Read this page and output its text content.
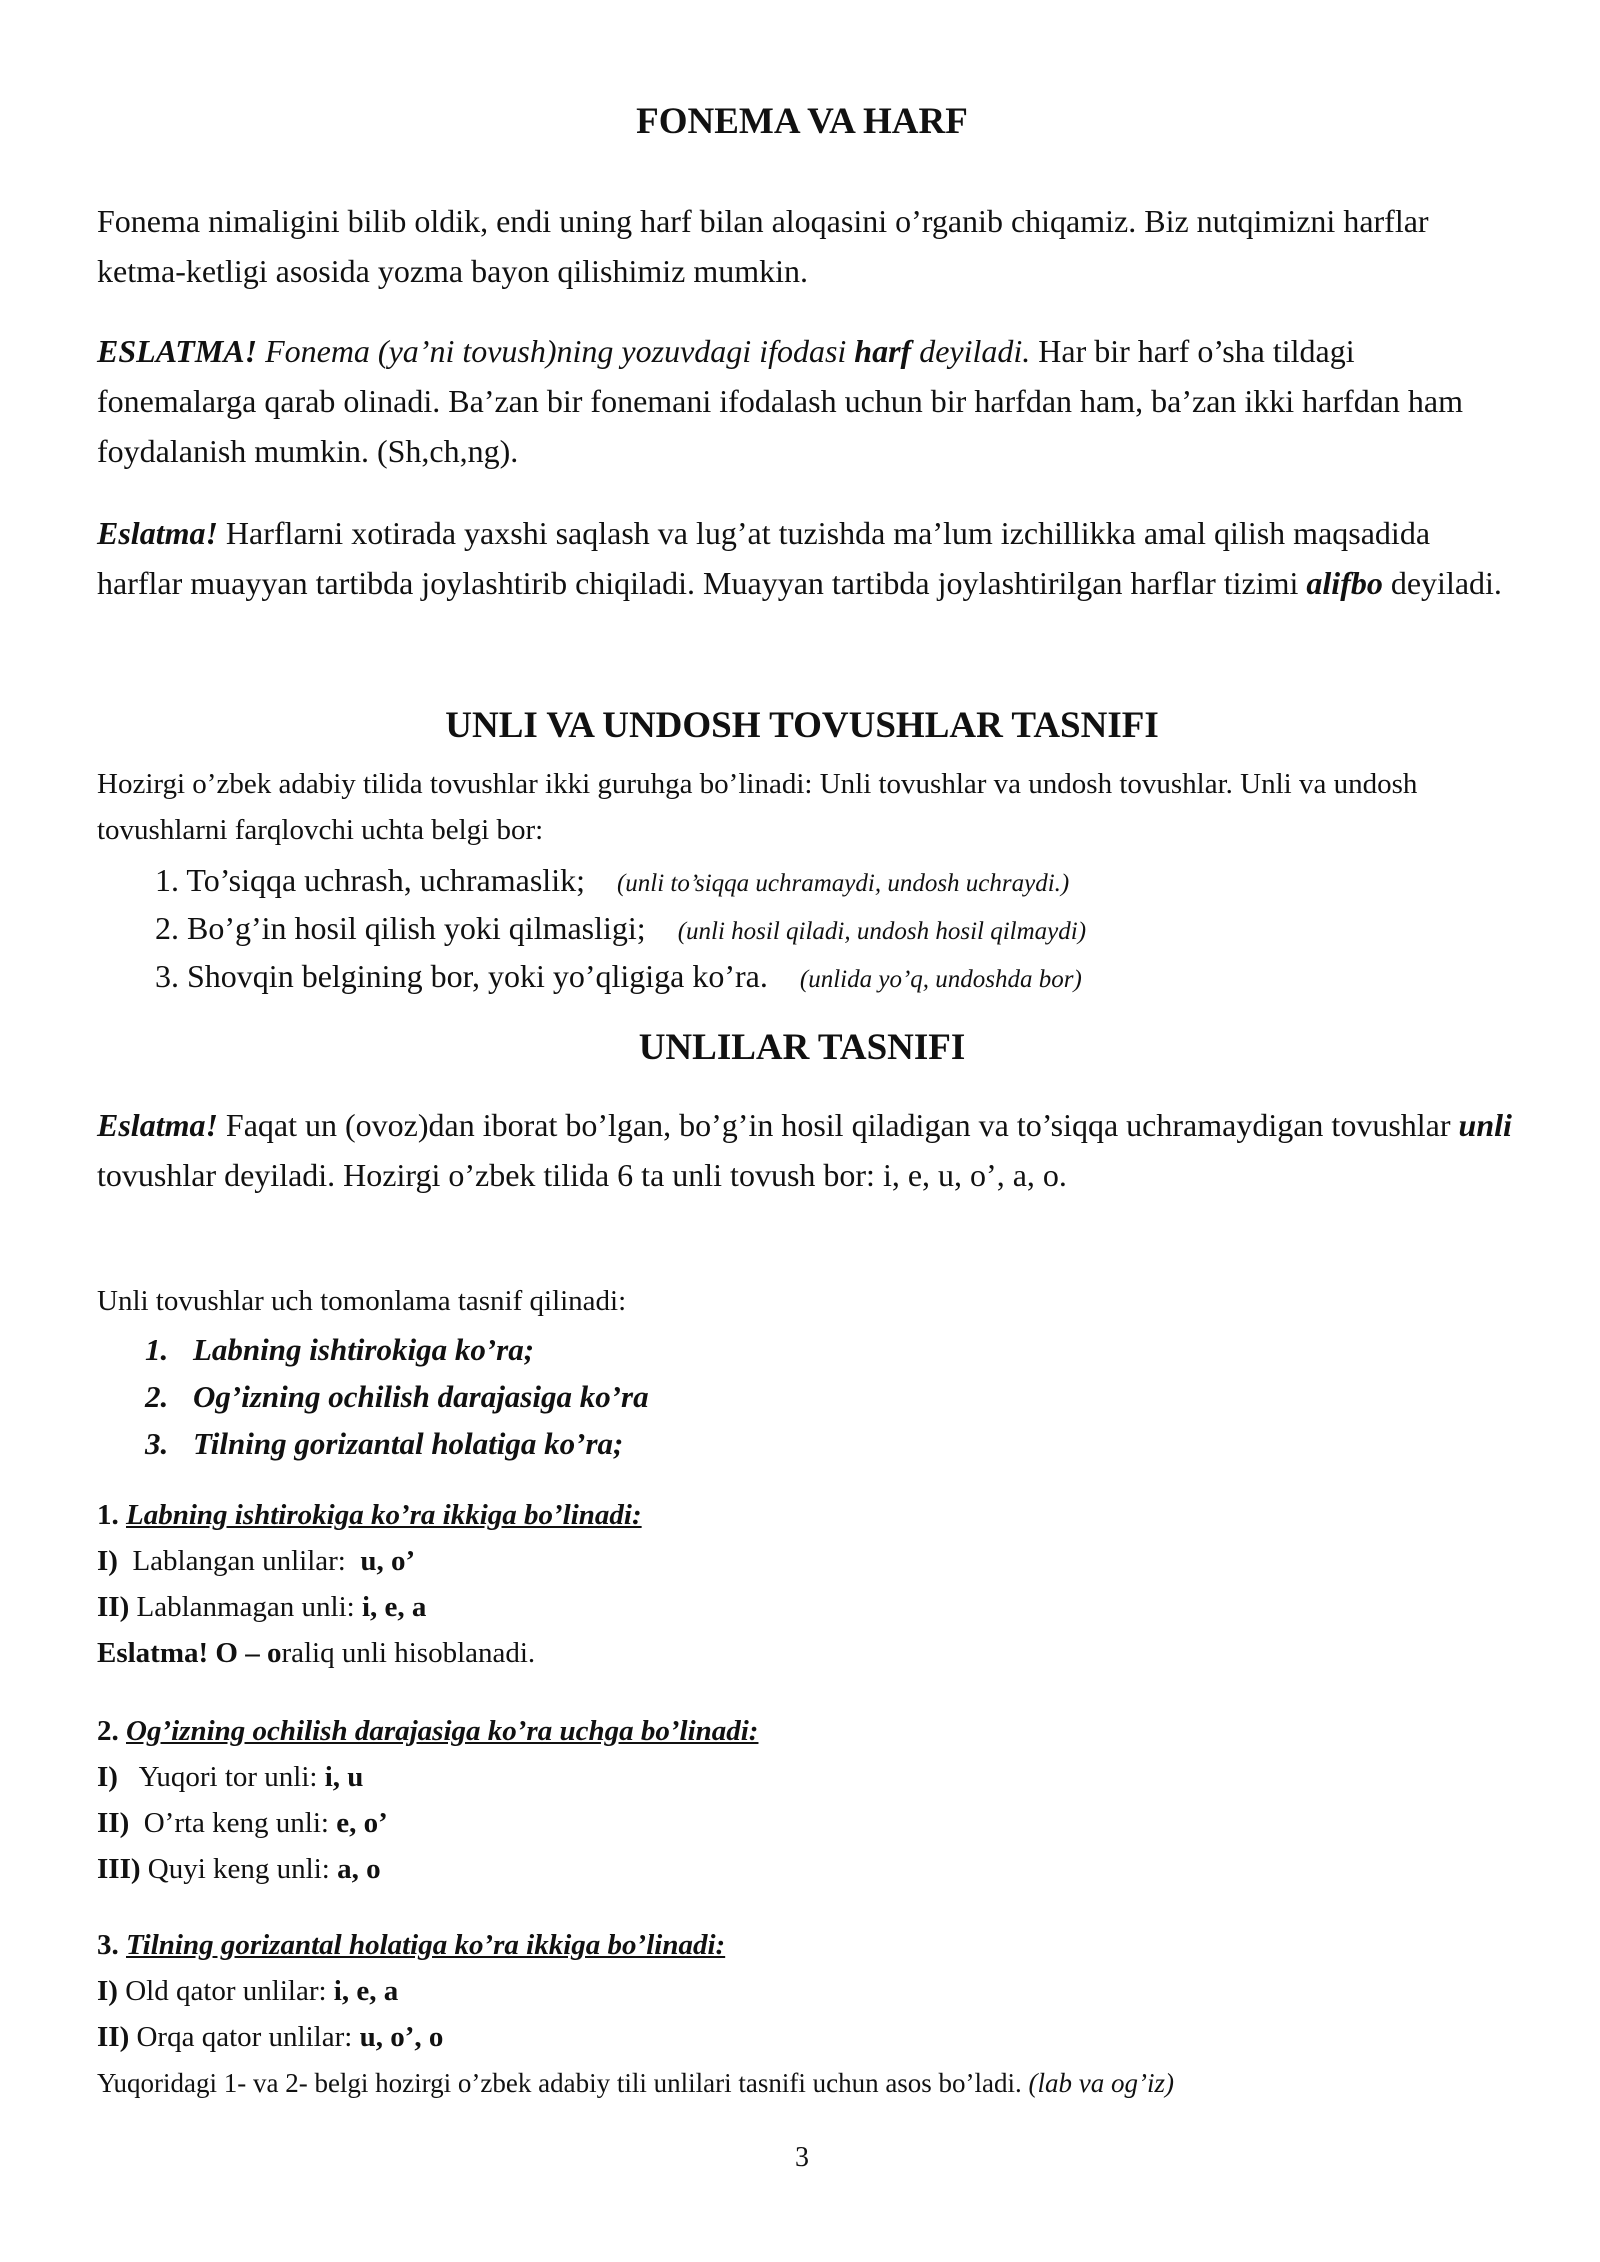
FONEMA VA HARF

Fonema nimaligini bilib oldik, endi uning harf bilan aloqasini o’rganib chiqamiz. Biz nutqimizni harflar ketma-ketligi asosida yozma bayon qilishimiz mumkin.

ESLATMA! Fonema (ya’ni tovush)ning yozuvdagi ifodasi harf deyiladi. Har bir harf o’sha tildagi fonemalarga qarab olinadi. Ba’zan bir fonemani ifodalash uchun bir harfdan ham, ba’zan ikki harfdan ham foydalanish mumkin. (Sh,ch,ng).

Eslatma! Harflarni xotirada yaxshi saqlash va lug’at tuzishda ma’lum izchillikka amal qilish maqsadida harflar muayyan tartibda joylashtirib chiqiladi. Muayyan tartibda joylashtirilgan harflar tizimi alifbo deyiladi.

UNLI VA UNDOSH TOVUSHLAR TASNIFI

Hozirgi o’zbek adabiy tilida tovushlar ikki guruhga bo’linadi: Unli tovushlar va undosh tovushlar. Unli va undosh tovushlarni farqlovchi uchta belgi bor:

1. To’siqqa uchrash, uchramaslik; (unli to’siqqa uchramaydi, undosh uchraydi.)
2. Bo’g’in hosil qilish yoki qilmasligi; (unli hosil qiladi, undosh hosil qilmaydi)
3. Shovqin belgining bor, yoki yo’qligiga ko’ra. (unlida yo’q, undoshda bor)
UNLILAR TASNIFI

Eslatma! Faqat un (ovoz)dan iborat bo’lgan, bo’g’in hosil qiladigan va to’siqqa uchramaydigan tovushlar unli tovushlar deyiladi. Hozirgi o’zbek tilida 6 ta unli tovush bor: i, e, u, o’, a, o.

Unli tovushlar uch tomonlama tasnif qilinadi:

1. Labning ishtirokiga ko’ra;
2. Og’izning ochilish darajasiga ko’ra
3. Tilning gorizantal holatiga ko’ra;
1. Labning ishtirokiga ko’ra ikkiga bo’linadi:
I)  Lablangan unlilar:  u, o’
II) Lablanmagan unli: i, e, a
Eslatma! O – oraliq unli hisoblanadi.
2. Og’izning ochilish darajasiga ko’ra uchga bo’linadi:
I)   Yuqori tor unli: i, u
II)  O’rta keng unli: e, o’
III) Quyi keng unli: a, o
3. Tilning gorizantal holatiga ko’ra ikkiga bo’linadi:
I) Old qator unlilar: i, e, a
II) Orqa qator unlilar: u, o’, o
Yuqoridagi 1- va 2- belgi hozirgi o’zbek adabiy tili unlilari tasnifi uchun asos bo’ladi. (lab va og’iz)
3
